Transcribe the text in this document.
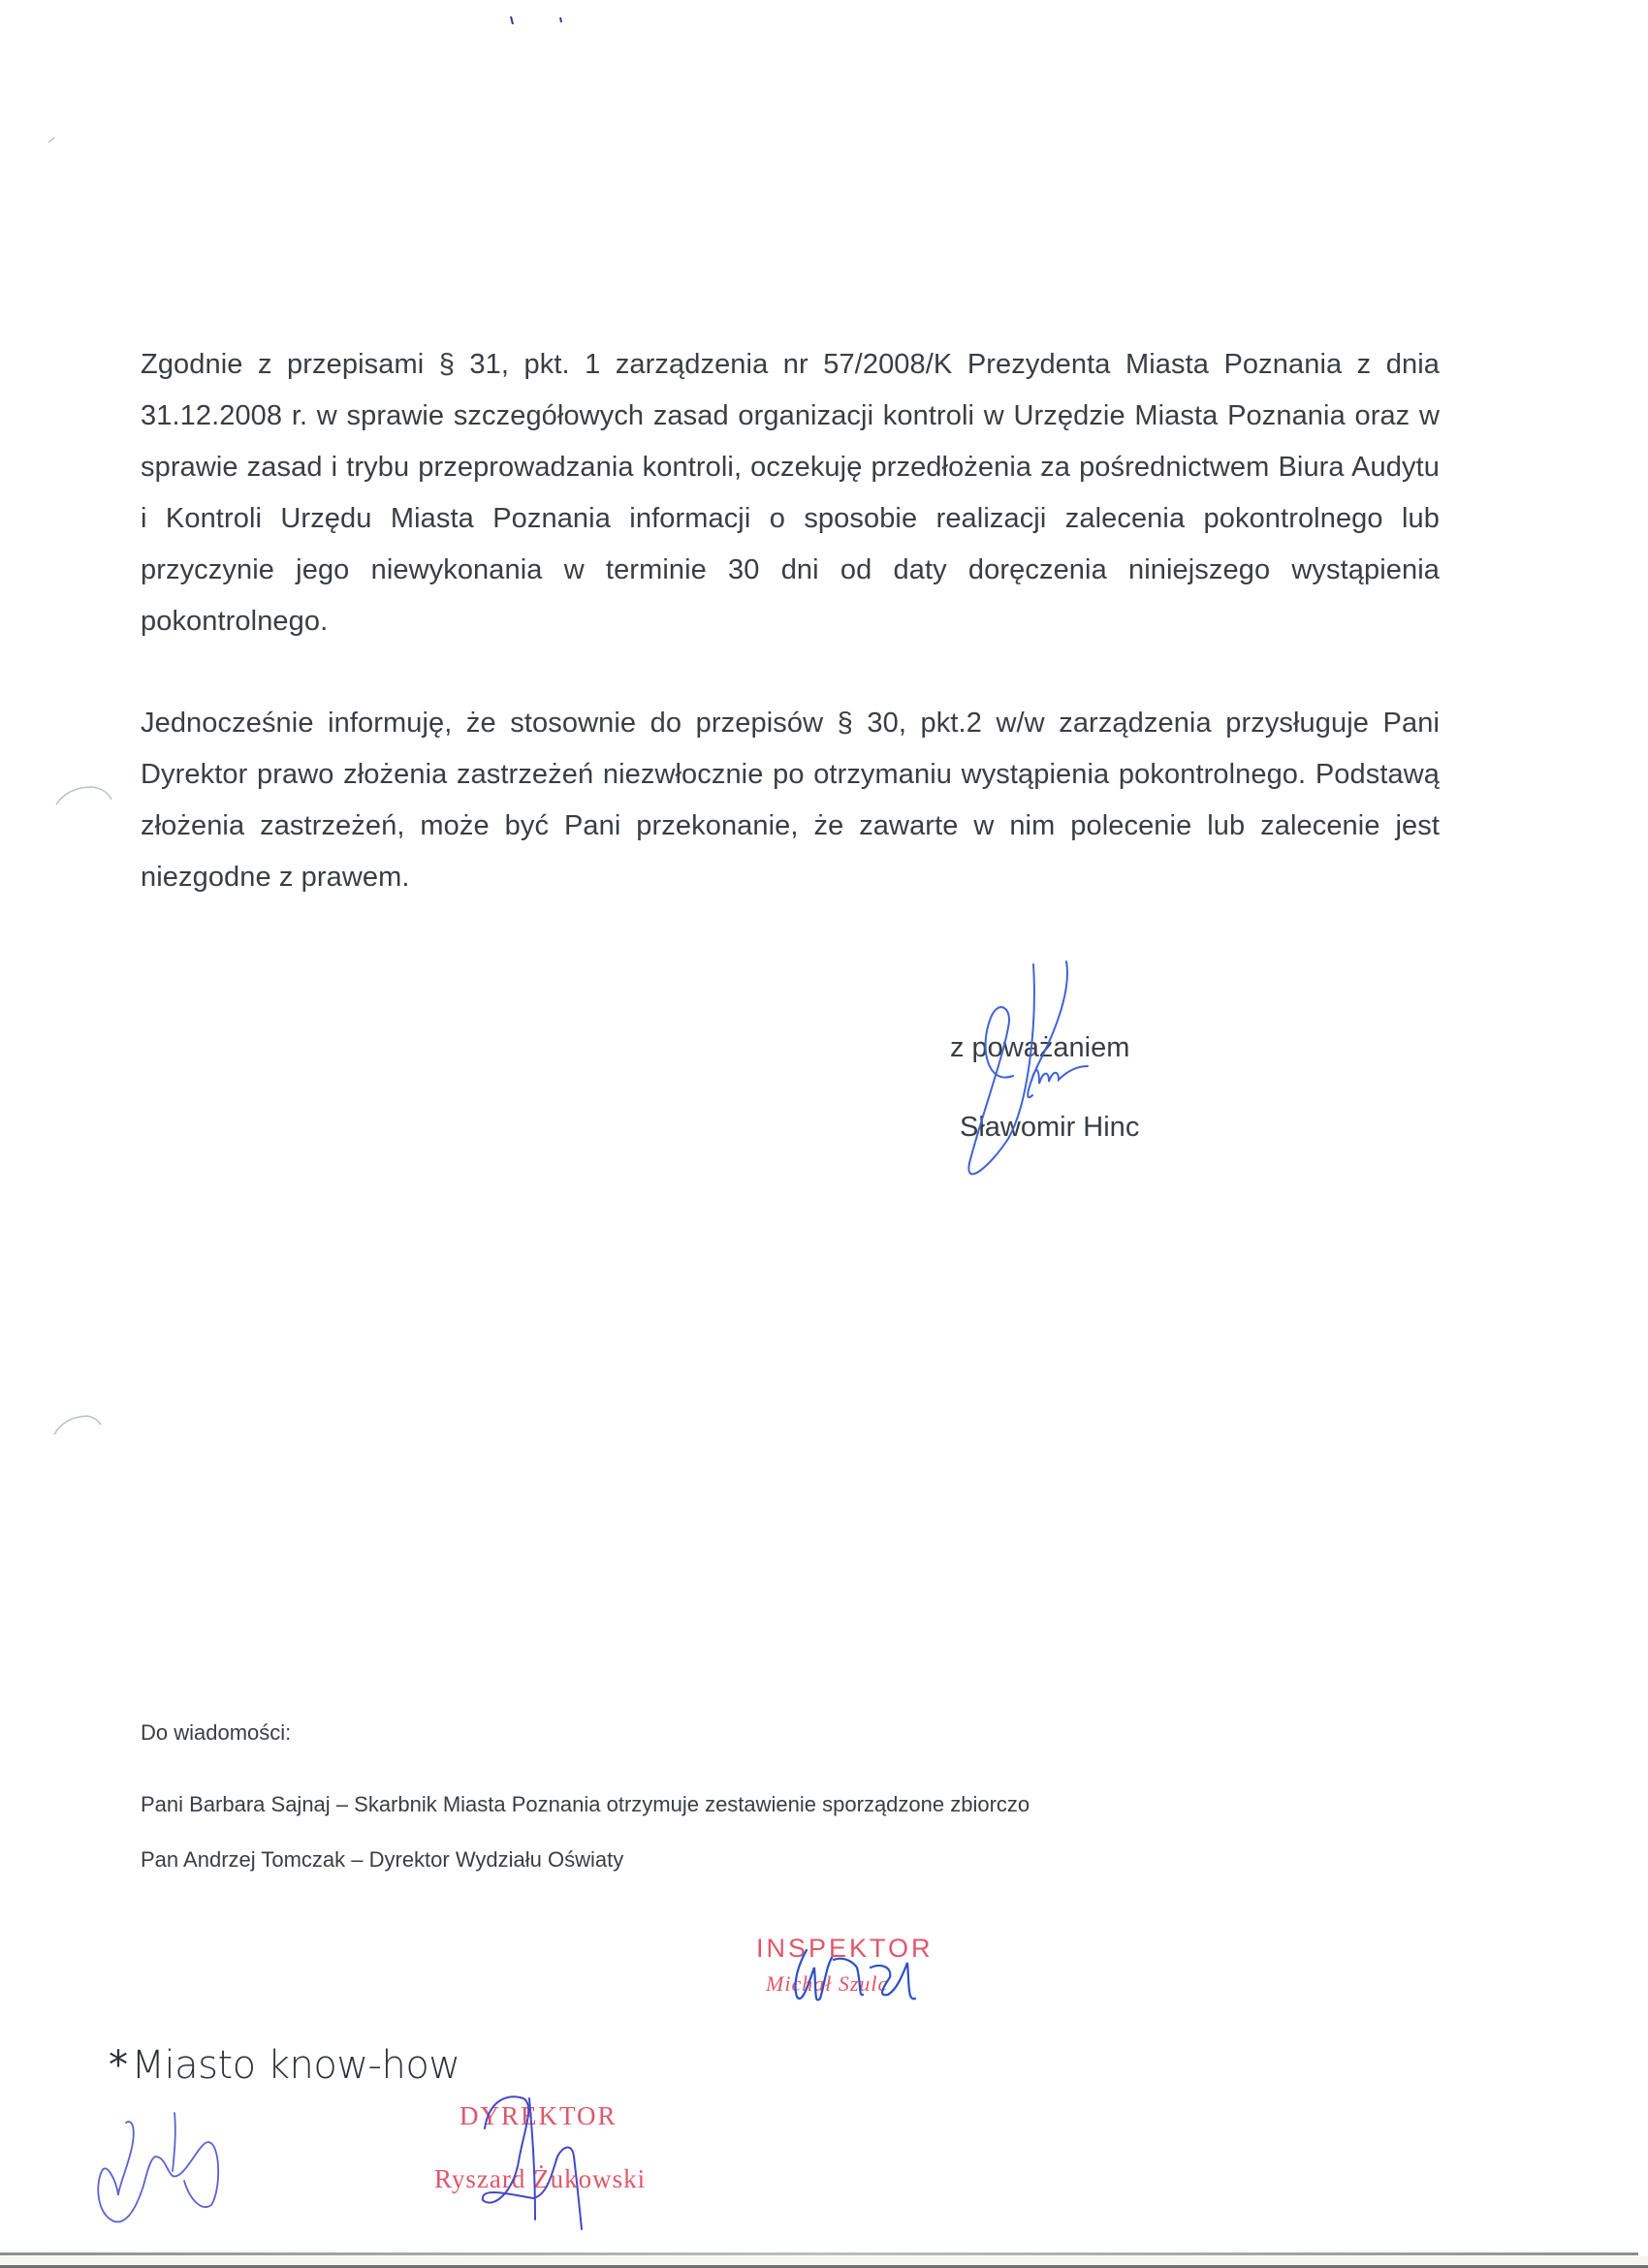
Zgodnie z przepisami § 31, pkt. 1 zarządzenia nr 57/2008/K Prezydenta Miasta Poznania z dnia 31.12.2008 r. w sprawie szczegółowych zasad organizacji kontroli w Urzędzie Miasta Poznania oraz w sprawie zasad i trybu przeprowadzania kontroli, oczekuję przedłożenia za pośrednictwem Biura Audytu i Kontroli Urzędu Miasta Poznania informacji o sposobie realizacji zalecenia pokontrolnego lub przyczynie jego niewykonania w terminie 30 dni od daty doręczenia niniejszego wystąpienia pokontrolnego.

Jednocześnie informuję, że stosownie do przepisów § 30, pkt.2 w/w zarządzenia przysługuje Pani Dyrektor prawo złożenia zastrzeżeń niezwłocznie po otrzymaniu wystąpienia pokontrolnego. Podstawą złożenia zastrzeżeń, może być Pani przekonanie, że zawarte w nim polecenie lub zalecenie jest niezgodne z prawem.

z poważaniem
Sławomir Hinc
Do wiadomości:
Pani Barbara Sajnaj – Skarbnik Miasta Poznania otrzymuje zestawienie sporządzone zbiorczo
Pan Andrzej Tomczak – Dyrektor Wydziału Oświaty
INSPEKTOR
Michał Szulc
* Miasto know-how
DYREKTOR
Ryszard Żukowski
